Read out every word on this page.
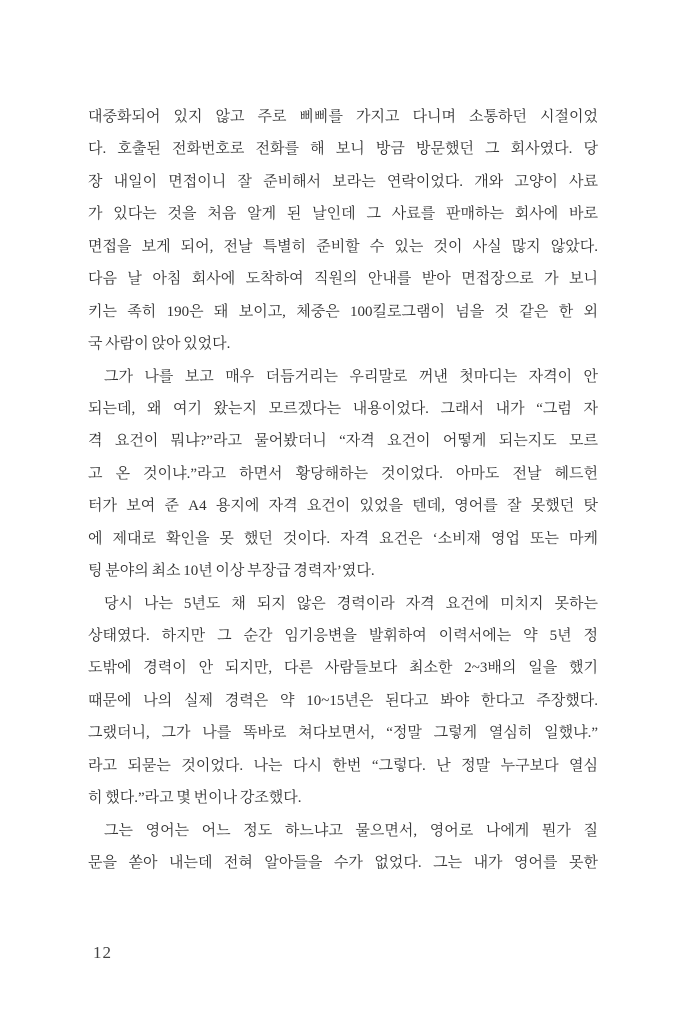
대중화되어 있지 않고 주로 삐삐를 가지고 다니며 소통하던 시절이었
다. 호출된 전화번호로 전화를 해 보니 방금 방문했던 그 회사였다. 당
장 내일이 면접이니 잘 준비해서 보라는 연락이었다. 개와 고양이 사료
가 있다는 것을 처음 알게 된 날인데 그 사료를 판매하는 회사에 바로
면접을 보게 되어, 전날 특별히 준비할 수 있는 것이 사실 많지 않았다.
다음 날 아침 회사에 도착하여 직원의 안내를 받아 면접장으로 가 보니
키는 족히 190은 돼 보이고, 체중은 100킬로그램이 넘을 것 같은 한 외
국 사람이 앉아 있었다.
그가 나를 보고 매우 더듬거리는 우리말로 꺼낸 첫마디는 자격이 안
되는데, 왜 여기 왔는지 모르겠다는 내용이었다. 그래서 내가 “그럼 자
격 요건이 뭐냐?”라고 물어봤더니 “자격 요건이 어떻게 되는지도 모르
고 온 것이냐.”라고 하면서 황당해하는 것이었다. 아마도 전날 헤드헌
터가 보여 준 A4 용지에 자격 요건이 있었을 텐데, 영어를 잘 못했던 탓
에 제대로 확인을 못 했던 것이다. 자격 요건은 ‘소비재 영업 또는 마케
팅 분야의 최소 10년 이상 부장급 경력자’였다.
당시 나는 5년도 채 되지 않은 경력이라 자격 요건에 미치지 못하는
상태였다. 하지만 그 순간 임기응변을 발휘하여 이력서에는 약 5년 정
도밖에 경력이 안 되지만, 다른 사람들보다 최소한 2~3배의 일을 했기
때문에 나의 실제 경력은 약 10~15년은 된다고 봐야 한다고 주장했다.
그랬더니, 그가 나를 똑바로 쳐다보면서, “정말 그렇게 열심히 일했냐.”
라고 되묻는 것이었다. 나는 다시 한번 “그렇다. 난 정말 누구보다 열심
히 했다.”라고 몇 번이나 강조했다.
그는 영어는 어느 정도 하느냐고 물으면서, 영어로 나에게 뭔가 질
문을 쏟아 내는데 전혀 알아들을 수가 없었다. 그는 내가 영어를 못한
12
